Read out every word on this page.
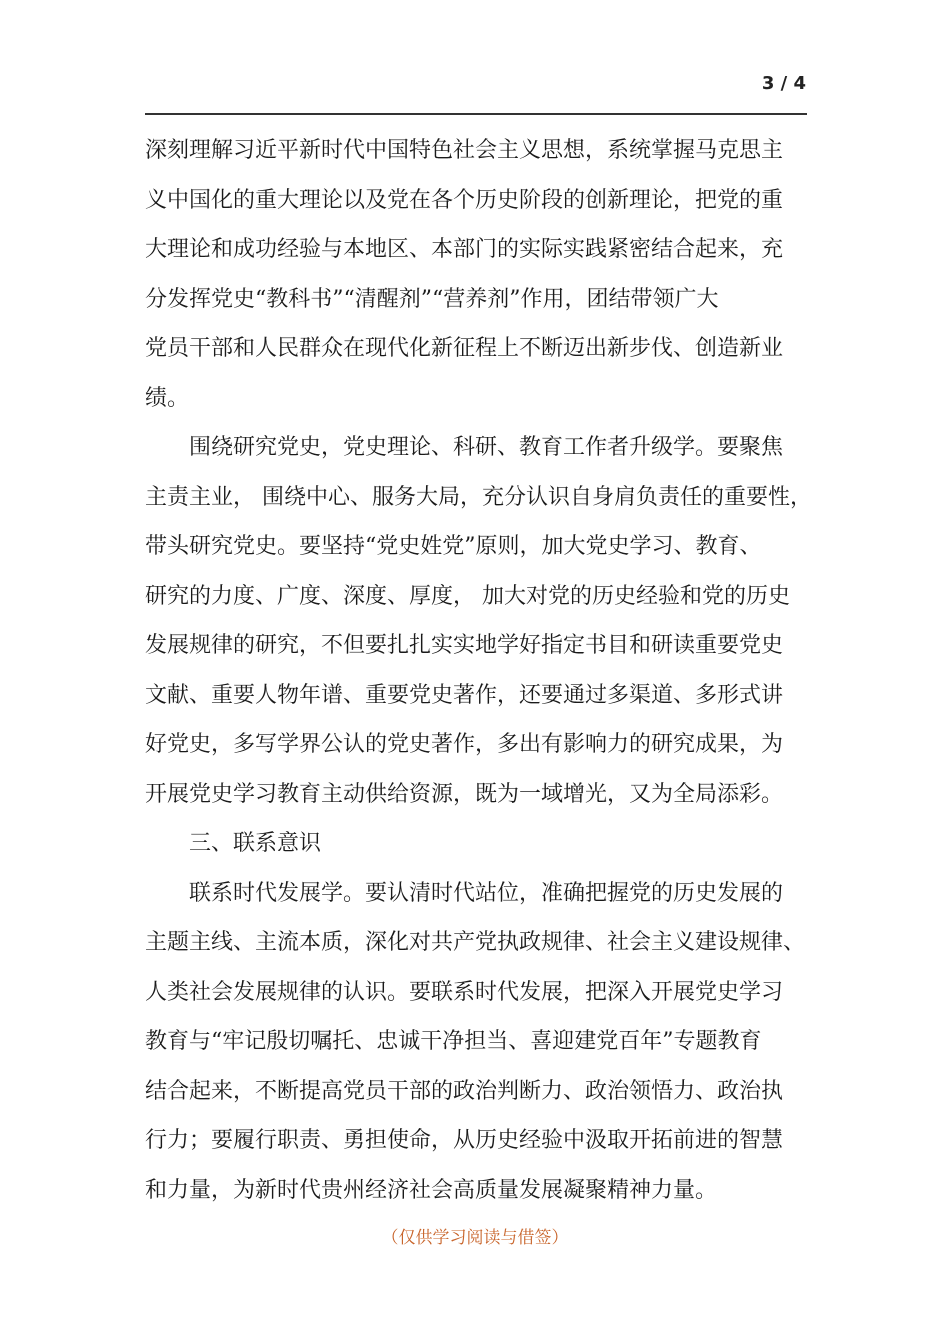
3 / 4
深刻理解习近平新时代中国特色社会主义思想，系统掌握马克思主
义中国化的重大理论以及党在各个历史阶段的创新理论，把党的重
大理论和成功经验与本地区、本部门的实际实践紧密结合起来，充
分发挥党史“教科书”“清醒剂”“营养剂”作用，团结带领广大
党员干部和人民群众在现代化新征程上不断迈出新步伐、创造新业
绩。
围绕研究党史，党史理论、科研、教育工作者升级学。要聚焦
主责主业， 围绕中心、服务大局，充分认识自身肩负责任的重要性，
带头研究党史。要坚持“党史姓党”原则，加大党史学习、教育、
研究的力度、广度、深度、厚度， 加大对党的历史经验和党的历史
发展规律的研究，不但要扎扎实实地学好指定书目和研读重要党史
文献、重要人物年谱、重要党史著作，还要通过多渠道、多形式讲
好党史，多写学界公认的党史著作，多出有影响力的研究成果，为
开展党史学习教育主动供给资源，既为一域增光，又为全局添彩。
三、联系意识
联系时代发展学。要认清时代站位，准确把握党的历史发展的
主题主线、主流本质，深化对共产党执政规律、社会主义建设规律、
人类社会发展规律的认识。要联系时代发展，把深入开展党史学习
教育与“牢记殷切嘱托、忠诚干净担当、喜迎建党百年”专题教育
结合起来，不断提高党员干部的政治判断力、政治领悟力、政治执
行力；要履行职责、勇担使命，从历史经验中汲取开拓前进的智慧
和力量，为新时代贵州经济社会高质量发展凝聚精神力量。
（仅供学习阅读与借签）
